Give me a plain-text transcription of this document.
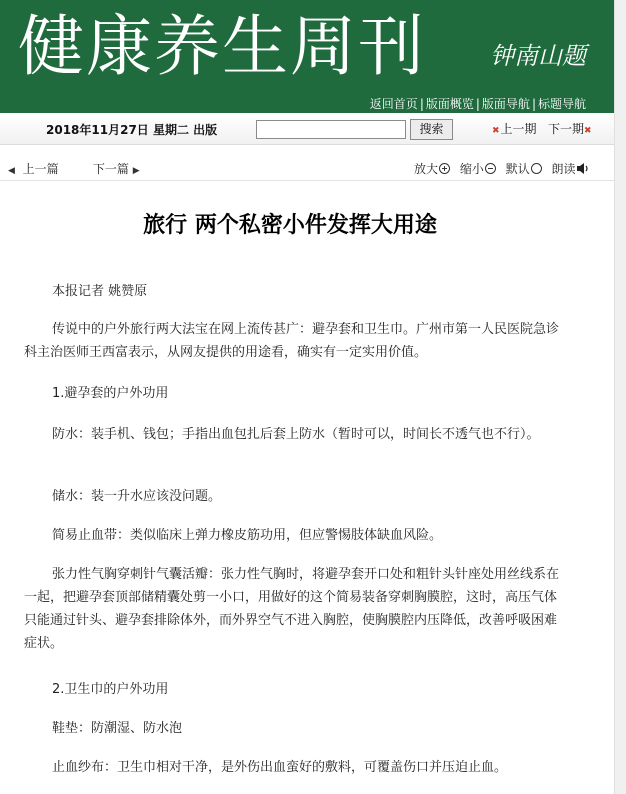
健康养生周刊	钟南山题
返回首页 | 版面概览 | 版面导航 | 标题导航
2018年11月27日 星期二 出版	搜索	✖上一期 下一期✖
◀ 上一篇	下一篇 ▶	放大 缩小 默认 朗读
旅行 两个私密小件发挥大用途

本报记者 姚赞原

传说中的户外旅行两大法宝在网上流传甚广：避孕套和卫生巾。广州市第一人民医院急诊科主治医师王西富表示，从网友提供的用途看，确实有一定实用价值。

1.避孕套的户外功用

防水：装手机、钱包；手指出血包扎后套上防水（暂时可以，时间长不透气也不行）。

储水：装一升水应该没问题。

简易止血带：类似临床上弹力橡皮筋功用，但应警惕肢体缺血风险。

张力性气胸穿刺针气囊活瓣：张力性气胸时，将避孕套开口处和粗针头针座处用丝线系在一起，把避孕套顶部储精囊处剪一小口，用做好的这个简易装备穿刺胸膜腔，这时，高压气体只能通过针头、避孕套排除体外，而外界空气不进入胸腔，使胸膜腔内压降低，改善呼吸困难症状。

2.卫生巾的户外功用

鞋垫：防潮湿、防水泡

止血纱布：卫生巾相对干净，是外伤出血蛮好的敷料，可覆盖伤口并压迫止血。
